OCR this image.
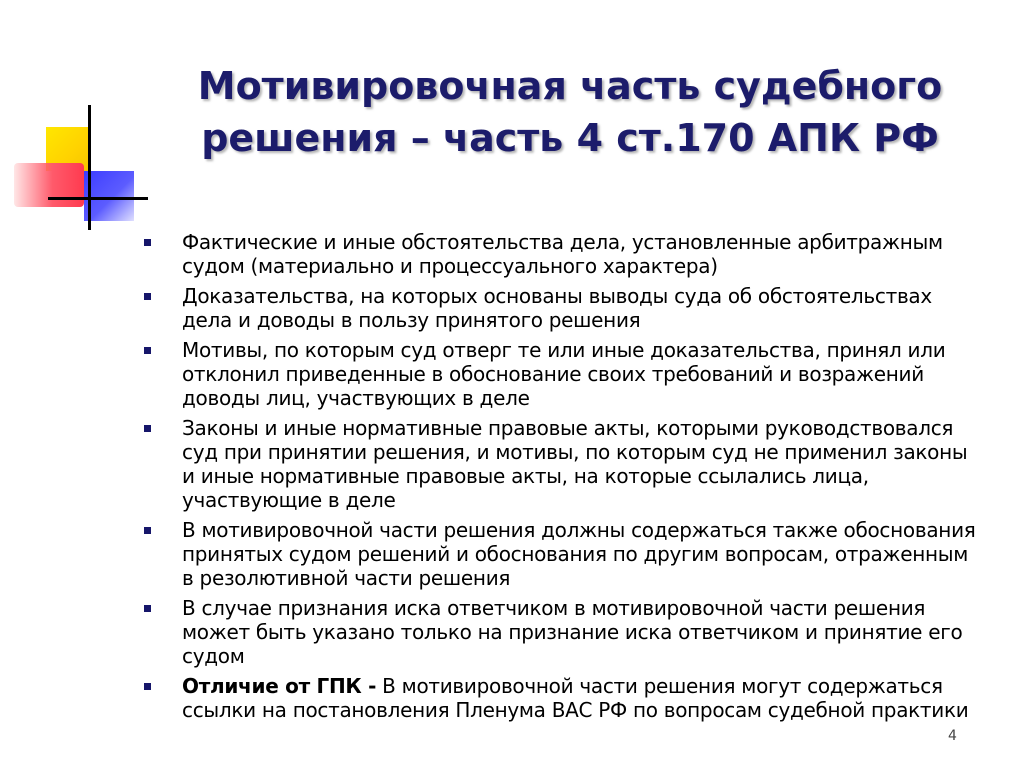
Мотивировочная часть судебного
решения – часть 4 ст.170 АПК РФ
Фактические и иные обстоятельства дела, установленные арбитражным судом (материально и процессуального характера)
Доказательства, на которых основаны выводы суда об обстоятельствах дела и доводы в пользу принятого решения
Мотивы, по которым суд отверг те или иные доказательства, принял или отклонил приведенные в обоснование своих требований и возражений доводы лиц, участвующих в деле
Законы и иные нормативные правовые акты, которыми руководствовался суд при принятии решения, и мотивы, по которым суд не применил законы и иные нормативные правовые акты, на которые ссылались лица, участвующие в деле
В мотивировочной части решения должны содержаться также обоснования принятых судом решений и обоснования по другим вопросам, отраженным в резолютивной части решения
В случае признания иска ответчиком в мотивировочной части решения может быть указано только на признание иска ответчиком и принятие его судом
Отличие от ГПК - В мотивировочной части решения могут содержаться ссылки на постановления Пленума ВАС РФ по вопросам судебной практики
4
